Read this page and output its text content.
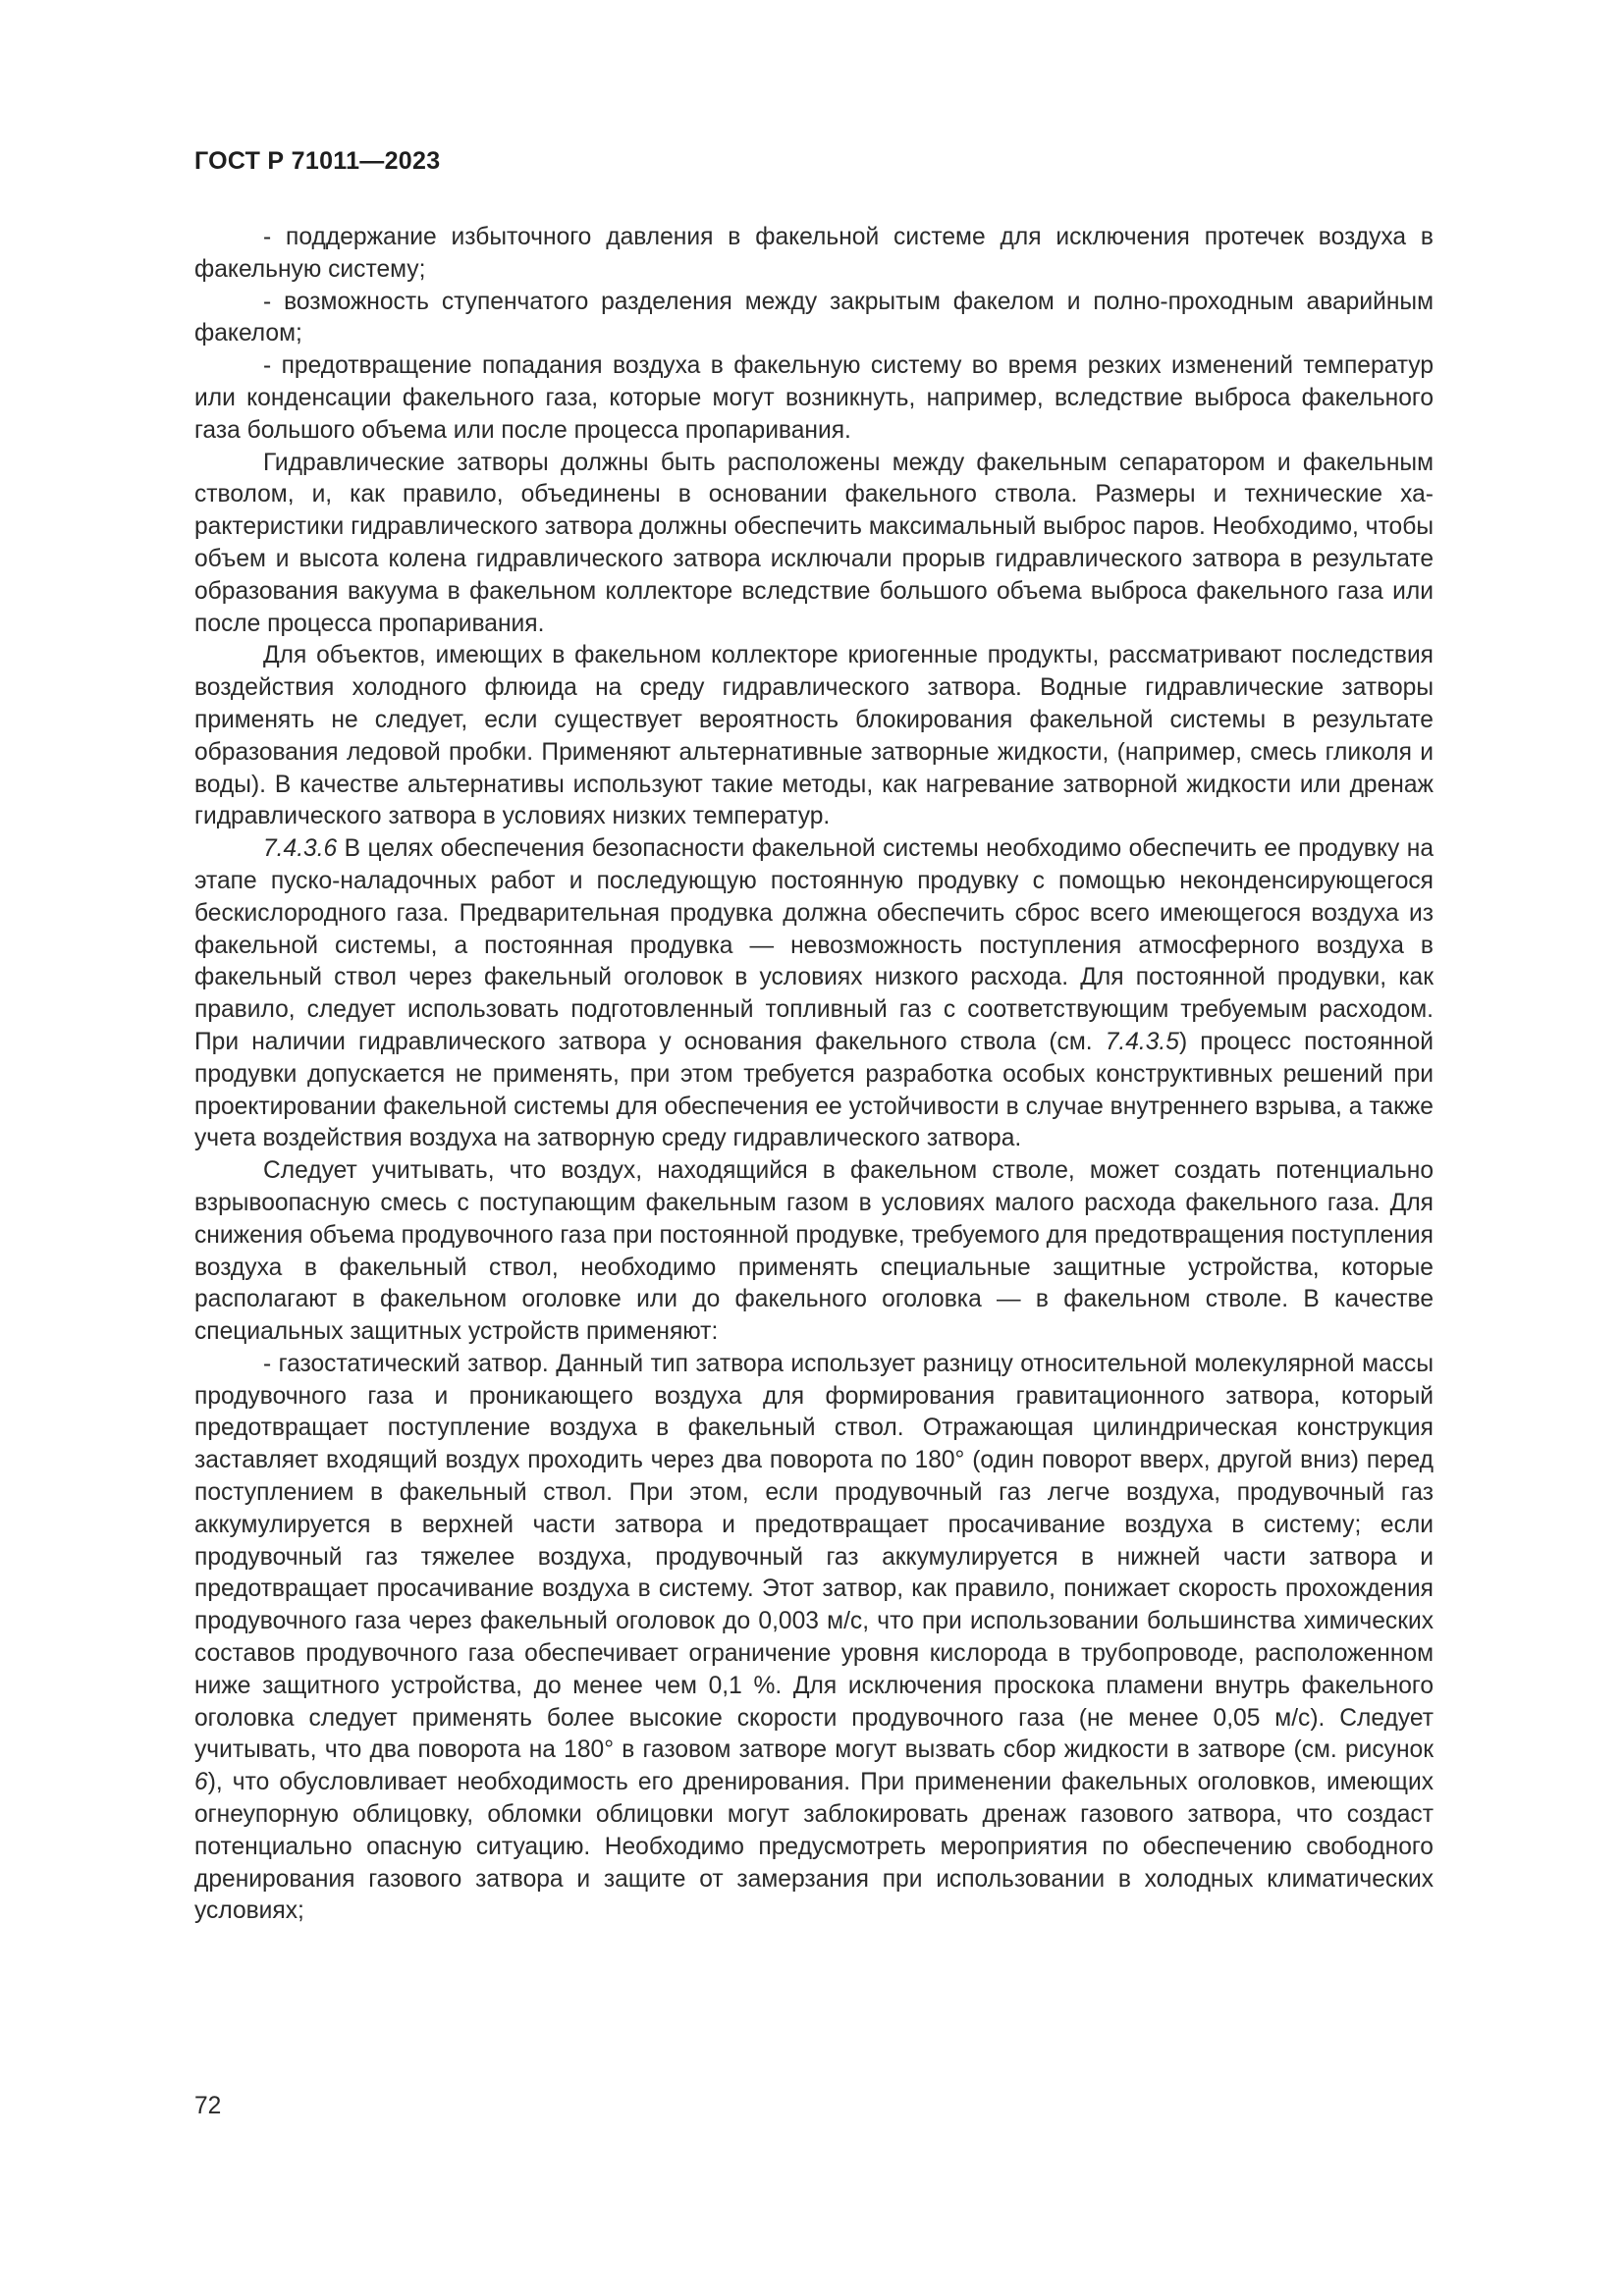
ГОСТ Р 71011—2023

- поддержание избыточного давления в факельной системе для исключения протечек воздуха в факельную систему;

- возможность ступенчатого разделения между закрытым факелом и полно-проходным аварийным факелом;

- предотвращение попадания воздуха в факельную систему во время резких изменений температур или конденсации факельного газа, которые могут возникнуть, например, вследствие выброса факельного газа большого объема или после процесса пропаривания.

Гидравлические затворы должны быть расположены между факельным сепаратором и факельным стволом, и, как правило, объединены в основании факельного ствола. Размеры и технические характеристики гидравлического затвора должны обеспечить максимальный выброс паров. Необходимо, чтобы объем и высота колена гидравлического затвора исключали прорыв гидравлического затвора в результате образования вакуума в факельном коллекторе вследствие большого объема выброса факельного газа или после процесса пропаривания.

Для объектов, имеющих в факельном коллекторе криогенные продукты, рассматривают последствия воздействия холодного флюида на среду гидравлического затвора. Водные гидравлические затворы применять не следует, если существует вероятность блокирования факельной системы в результате образования ледовой пробки. Применяют альтернативные затворные жидкости, (например, смесь гликоля и воды). В качестве альтернативы используют такие методы, как нагревание затворной жидкости или дренаж гидравлического затвора в условиях низких температур.

7.4.3.6 В целях обеспечения безопасности факельной системы необходимо обеспечить ее продувку на этапе пуско-наладочных работ и последующую постоянную продувку с помощью неконденсирующегося бескислородного газа. Предварительная продувка должна обеспечить сброс всего имеющегося воздуха из факельной системы, а постоянная продувка — невозможность поступления атмосферного воздуха в факельный ствол через факельный оголовок в условиях низкого расхода. Для постоянной продувки, как правило, следует использовать подготовленный топливный газ с соответствующим требуемым расходом. При наличии гидравлического затвора у основания факельного ствола (см. 7.4.3.5) процесс постоянной продувки допускается не применять, при этом требуется разработка особых конструктивных решений при проектировании факельной системы для обеспечения ее устойчивости в случае внутреннего взрыва, а также учета воздействия воздуха на затворную среду гидравлического затвора.

Следует учитывать, что воздух, находящийся в факельном стволе, может создать потенциально взрывоопасную смесь с поступающим факельным газом в условиях малого расхода факельного газа. Для снижения объема продувочного газа при постоянной продувке, требуемого для предотвращения поступления воздуха в факельный ствол, необходимо применять специальные защитные устройства, которые располагают в факельном оголовке или до факельного оголовка — в факельном стволе. В качестве специальных защитных устройств применяют:

- газостатический затвор. Данный тип затвора использует разницу относительной молекулярной массы продувочного газа и проникающего воздуха для формирования гравитационного затвора, который предотвращает поступление воздуха в факельный ствол. Отражающая цилиндрическая конструкция заставляет входящий воздух проходить через два поворота по 180° (один поворот вверх, другой вниз) перед поступлением в факельный ствол. При этом, если продувочный газ легче воздуха, продувочный газ аккумулируется в верхней части затвора и предотвращает просачивание воздуха в систему; если продувочный газ тяжелее воздуха, продувочный газ аккумулируется в нижней части затвора и предотвращает просачивание воздуха в систему. Этот затвор, как правило, понижает скорость прохождения продувочного газа через факельный оголовок до 0,003 м/с, что при использовании большинства химических составов продувочного газа обеспечивает ограничение уровня кислорода в трубопроводе, расположенном ниже защитного устройства, до менее чем 0,1 %. Для исключения проскока пламени внутрь факельного оголовка следует применять более высокие скорости продувочного газа (не менее 0,05 м/с). Следует учитывать, что два поворота на 180° в газовом затворе могут вызвать сбор жидкости в затворе (см. рисунок 6), что обусловливает необходимость его дренирования. При применении факельных оголовков, имеющих огнеупорную облицовку, обломки облицовки могут заблокировать дренаж газового затвора, что создаст потенциально опасную ситуацию. Необходимо предусмотреть мероприятия по обеспечению свободного дренирования газового затвора и защите от замерзания при использовании в холодных климатических условиях;

72
